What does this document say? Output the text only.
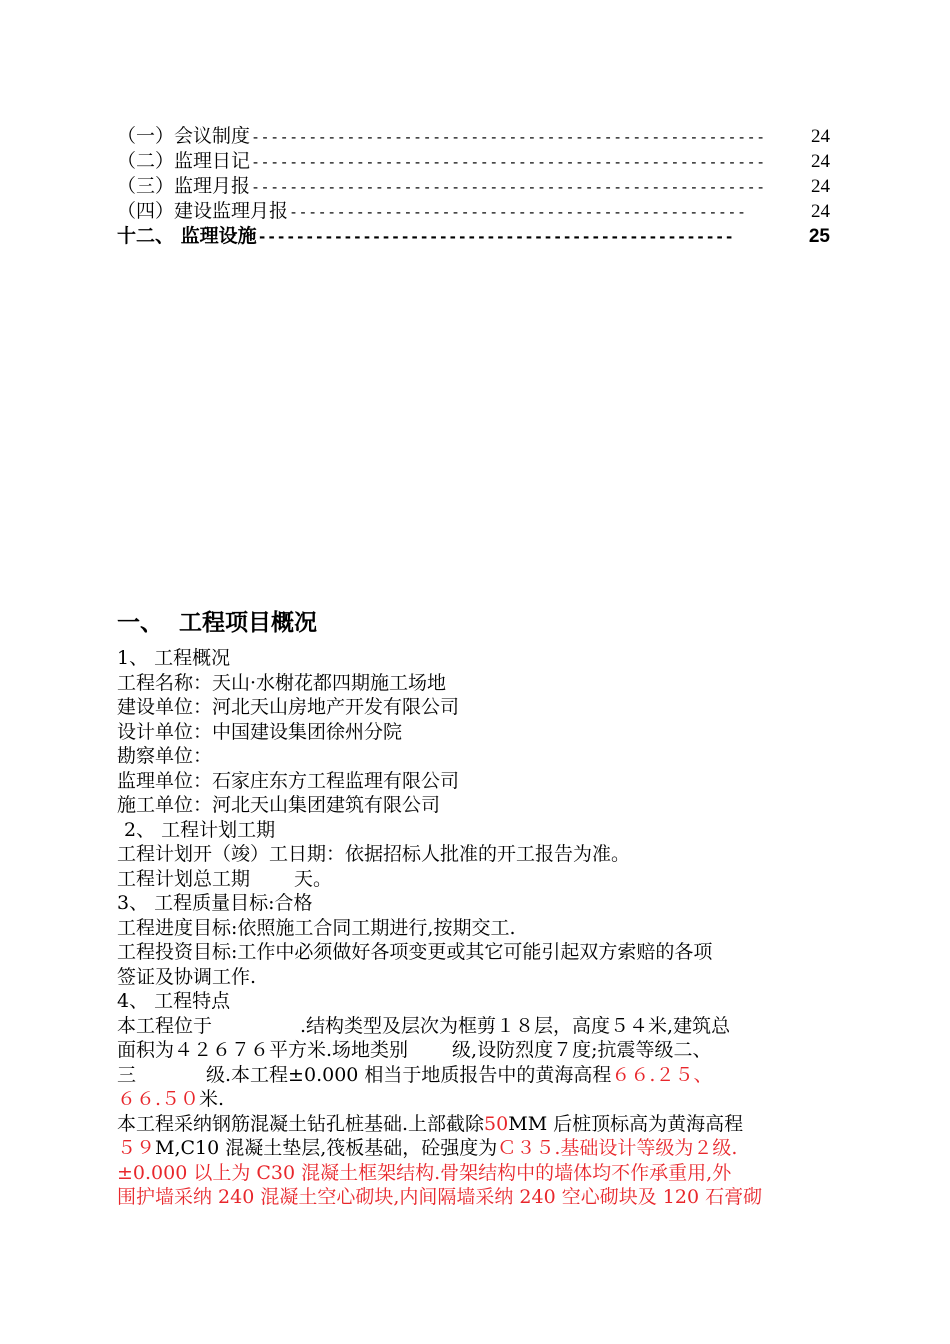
（一）会议制度 ------------------------------------------------------	24
（二）监理日记 ------------------------------------------------------	24
（三）监理月报 ------------------------------------------------------	24
（四）建设监理月报 ------------------------------------------------	24
十二、 监理设施 --------------------------------------------------	25
一、 工程项目概况
1、 工程概况
工程名称：天山·水榭花都四期施工场地
建设单位：河北天山房地产开发有限公司
设计单位：中国建设集团徐州分院
勘察单位：
监理单位：石家庄东方工程监理有限公司
施工单位：河北天山集团建筑有限公司
2、 工程计划工期
工程计划开（竣）工日期：依据招标人批准的开工报告为准。
工程计划总工期 天。
3、 工程质量目标:合格
工程进度目标:依照施工合同工期进行,按期交工.
工程投资目标:工作中必须做好各项变更或其它可能引起双方索赔的各项
签证及协调工作.
4、 工程特点
本工程位于	.结构类型及层次为框剪１８层，高度５４米,建筑总
面积为４２６７６平方米.场地类别 级,设防烈度７度;抗震等级二、
三	级.本工程±0.000 相当于地质报告中的黄海高程６６.２５、
６６.５０米.
本工程采纳钢筋混凝土钻孔桩基础.上部截除50MM 后桩顶标高为黄海高程
５９M,C10 混凝土垫层,筏板基础，砼强度为Ｃ３５.基础设计等级为２级.
±0.000 以上为 C30 混凝土框架结构.骨架结构中的墙体均不作承重用,外
围护墙采纳 240 混凝土空心砌块,内间隔墙采纳 240 空心砌块及 120 石膏砌
